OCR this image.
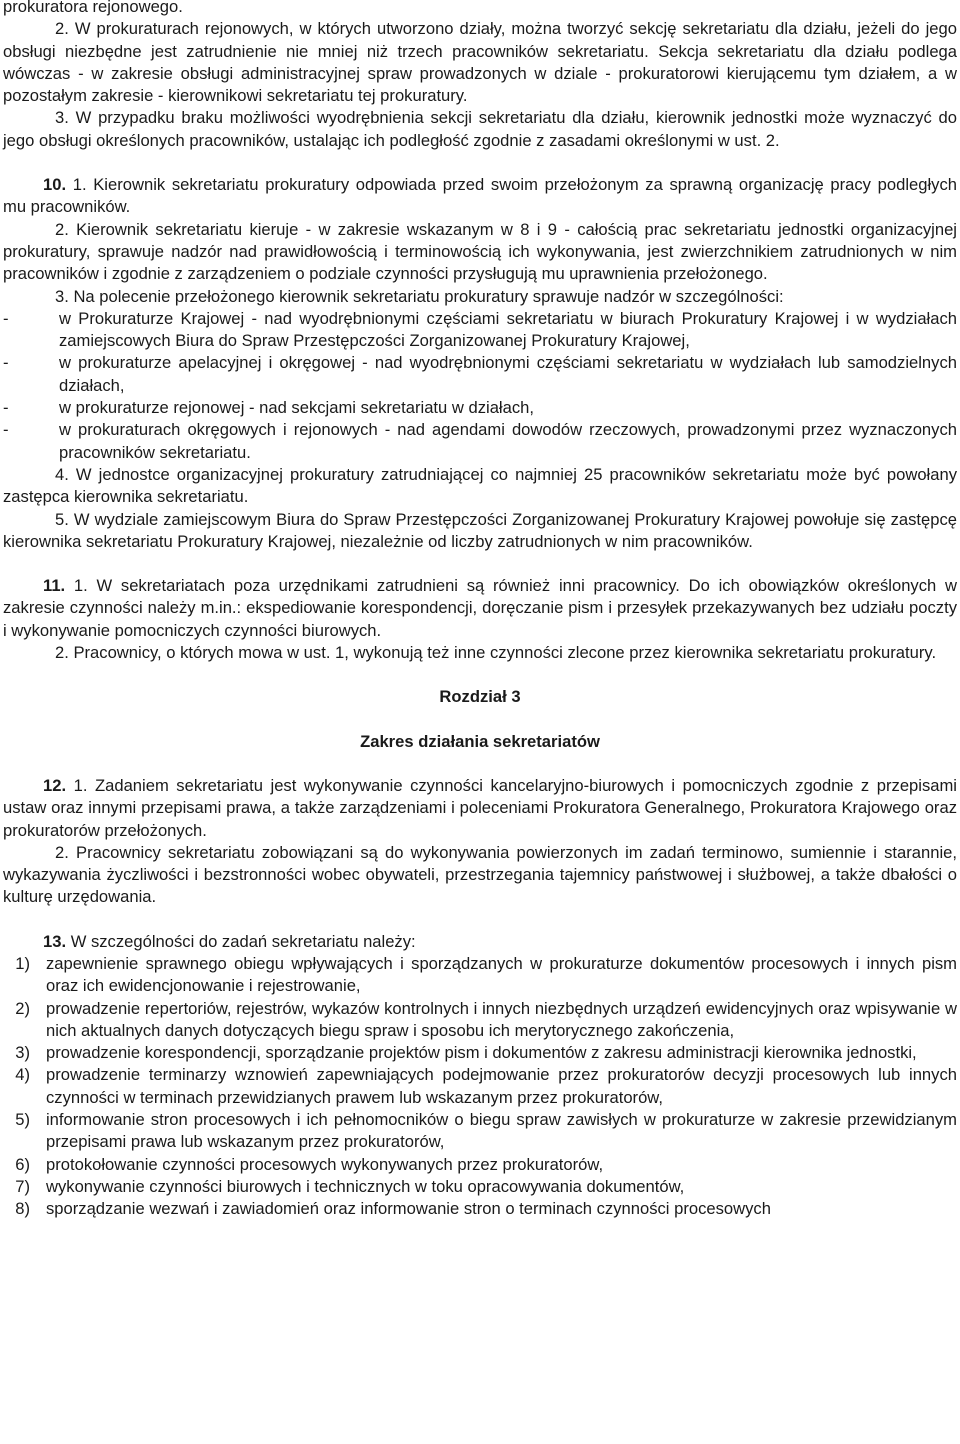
prokuratora rejonowego.

2. W prokuraturach rejonowych, w których utworzono działy, można tworzyć sekcję sekretariatu dla działu, jeżeli do jego obsługi niezbędne jest zatrudnienie nie mniej niż trzech pracowników sekretariatu. Sekcja sekretariatu dla działu podlega wówczas - w zakresie obsługi administracyjnej spraw prowadzonych w dziale - prokuratorowi kierującemu tym działem, a w pozostałym zakresie - kierownikowi sekretariatu tej prokuratury.

3. W przypadku braku możliwości wyodrębnienia sekcji sekretariatu dla działu, kierownik jednostki może wyznaczyć do jego obsługi określonych pracowników, ustalając ich podległość zgodnie z zasadami określonymi w ust. 2.

10. 1. Kierownik sekretariatu prokuratury odpowiada przed swoim przełożonym za sprawną organizację pracy podległych mu pracowników.

2. Kierownik sekretariatu kieruje - w zakresie wskazanym w 8 i 9 - całością prac sekretariatu jednostki organizacyjnej prokuratury, sprawuje nadzór nad prawidłowością i terminowością ich wykonywania, jest zwierzchnikiem zatrudnionych w nim pracowników i zgodnie z zarządzeniem o podziale czynności przysługują mu uprawnienia przełożonego.

3. Na polecenie przełożonego kierownik sekretariatu prokuratury sprawuje nadzór w szczególności:

-	w Prokuraturze Krajowej - nad wyodrębnionymi częściami sekretariatu w biurach Prokuratury Krajowej i w wydziałach zamiejscowych Biura do Spraw Przestępczości Zorganizowanej Prokuratury Krajowej,
-	w prokuraturze apelacyjnej i okręgowej - nad wyodrębnionymi częściami sekretariatu w wydziałach lub samodzielnych działach,
-	w prokuraturze rejonowej - nad sekcjami sekretariatu w działach,
-	w prokuraturach okręgowych i rejonowych - nad agendami dowodów rzeczowych, prowadzonymi przez wyznaczonych pracowników sekretariatu.

4. W jednostce organizacyjnej prokuratury zatrudniającej co najmniej 25 pracowników sekretariatu może być powołany zastępca kierownika sekretariatu.

5. W wydziale zamiejscowym Biura do Spraw Przestępczości Zorganizowanej Prokuratury Krajowej powołuje się zastępcę kierownika sekretariatu Prokuratury Krajowej, niezależnie od liczby zatrudnionych w nim pracowników.

11. 1. W sekretariatach poza urzędnikami zatrudnieni są również inni pracownicy. Do ich obowiązków określonych w zakresie czynności należy m.in.: ekspediowanie korespondencji, doręczanie pism i przesyłek przekazywanych bez udziału poczty i wykonywanie pomocniczych czynności biurowych.

2. Pracownicy, o których mowa w ust. 1, wykonują też inne czynności zlecone przez kierownika sekretariatu prokuratury.

Rozdział 3

Zakres działania sekretariatów

12. 1. Zadaniem sekretariatu jest wykonywanie czynności kancelaryjno-biurowych i pomocniczych zgodnie z przepisami ustaw oraz innymi przepisami prawa, a także zarządzeniami i poleceniami Prokuratora Generalnego, Prokuratora Krajowego oraz prokuratorów przełożonych.

2. Pracownicy sekretariatu zobowiązani są do wykonywania powierzonych im zadań terminowo, sumiennie i starannie, wykazywania życzliwości i bezstronności wobec obywateli, przestrzegania tajemnicy państwowej i służbowej, a także dbałości o kulturę urzędowania.

13. W szczególności do zadań sekretariatu należy:

1) zapewnienie sprawnego obiegu wpływających i sporządzanych w prokuraturze dokumentów procesowych i innych pism oraz ich ewidencjonowanie i rejestrowanie,
2) prowadzenie repertoriów, rejestrów, wykazów kontrolnych i innych niezbędnych urządzeń ewidencyjnych oraz wpisywanie w nich aktualnych danych dotyczących biegu spraw i sposobu ich merytorycznego zakończenia,
3) prowadzenie korespondencji, sporządzanie projektów pism i dokumentów z zakresu administracji kierownika jednostki,
4) prowadzenie terminarzy wznowień zapewniających podejmowanie przez prokuratorów decyzji procesowych lub innych czynności w terminach przewidzianych prawem lub wskazanym przez prokuratorów,
5) informowanie stron procesowych i ich pełnomocników o biegu spraw zawisłych w prokuraturze w zakresie przewidzianym przepisami prawa lub wskazanym przez prokuratorów,
6) protokołowanie czynności procesowych wykonywanych przez prokuratorów,
7) wykonywanie czynności biurowych i technicznych w toku opracowywania dokumentów,
8) sporządzanie wezwań i zawiadomień oraz informowanie stron o terminach czynności procesowych
